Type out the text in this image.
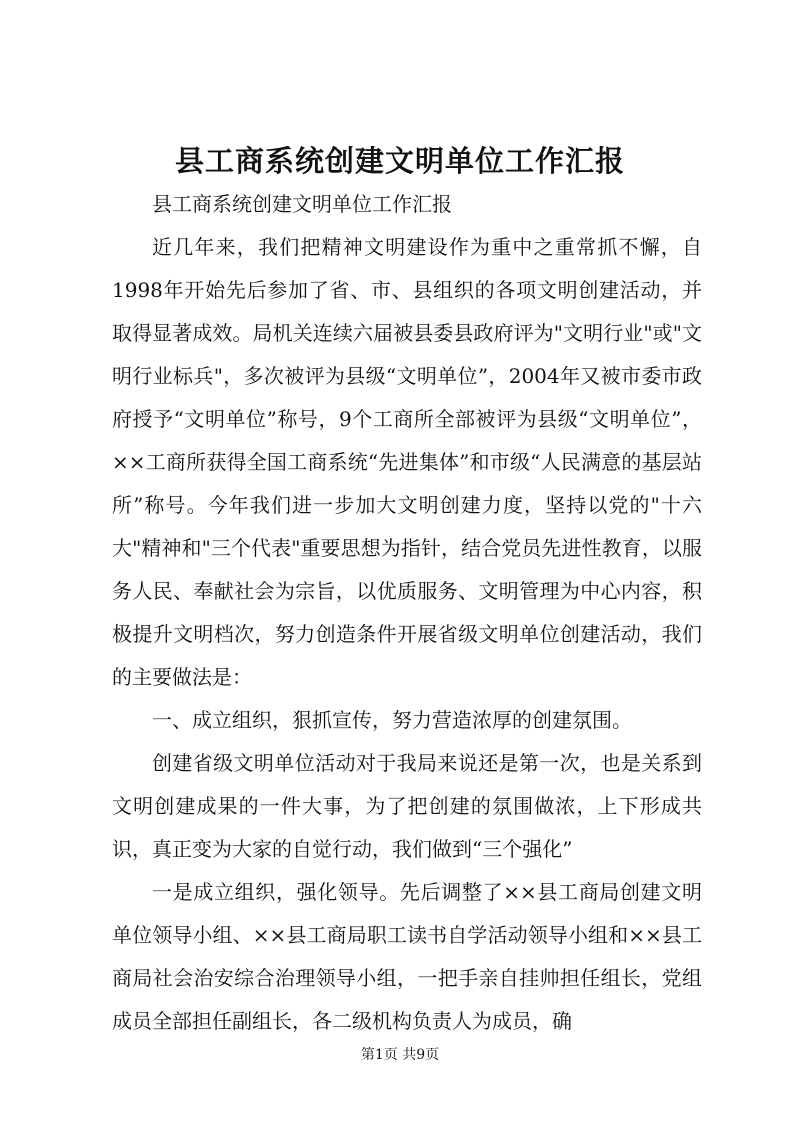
县工商系统创建文明单位工作汇报

县工商系统创建文明单位工作汇报

近几年来，我们把精神文明建设作为重中之重常抓不懈，自1998年开始先后参加了省、市、县组织的各项文明创建活动，并取得显著成效。局机关连续六届被县委县政府评为"文明行业"或"文明行业标兵"，多次被评为县级“文明单位”，2004年又被市委市政府授予“文明单位”称号，9个工商所全部被评为县级“文明单位”，××工商所获得全国工商系统“先进集体”和市级“人民满意的基层站所”称号。今年我们进一步加大文明创建力度，坚持以党的"十六大"精神和"三个代表"重要思想为指针，结合党员先进性教育，以服务人民、奉献社会为宗旨，以优质服务、文明管理为中心内容，积极提升文明档次，努力创造条件开展省级文明单位创建活动，我们的主要做法是：

一、成立组织，狠抓宣传，努力营造浓厚的创建氛围。

创建省级文明单位活动对于我局来说还是第一次，也是关系到文明创建成果的一件大事，为了把创建的氛围做浓，上下形成共识，真正变为大家的自觉行动，我们做到“三个强化”

一是成立组织，强化领导。先后调整了××县工商局创建文明单位领导小组、××县工商局职工读书自学活动领导小组和××县工商局社会治安综合治理领导小组，一把手亲自挂帅担任组长，党组成员全部担任副组长，各二级机构负责人为成员，确

第1页 共9页
